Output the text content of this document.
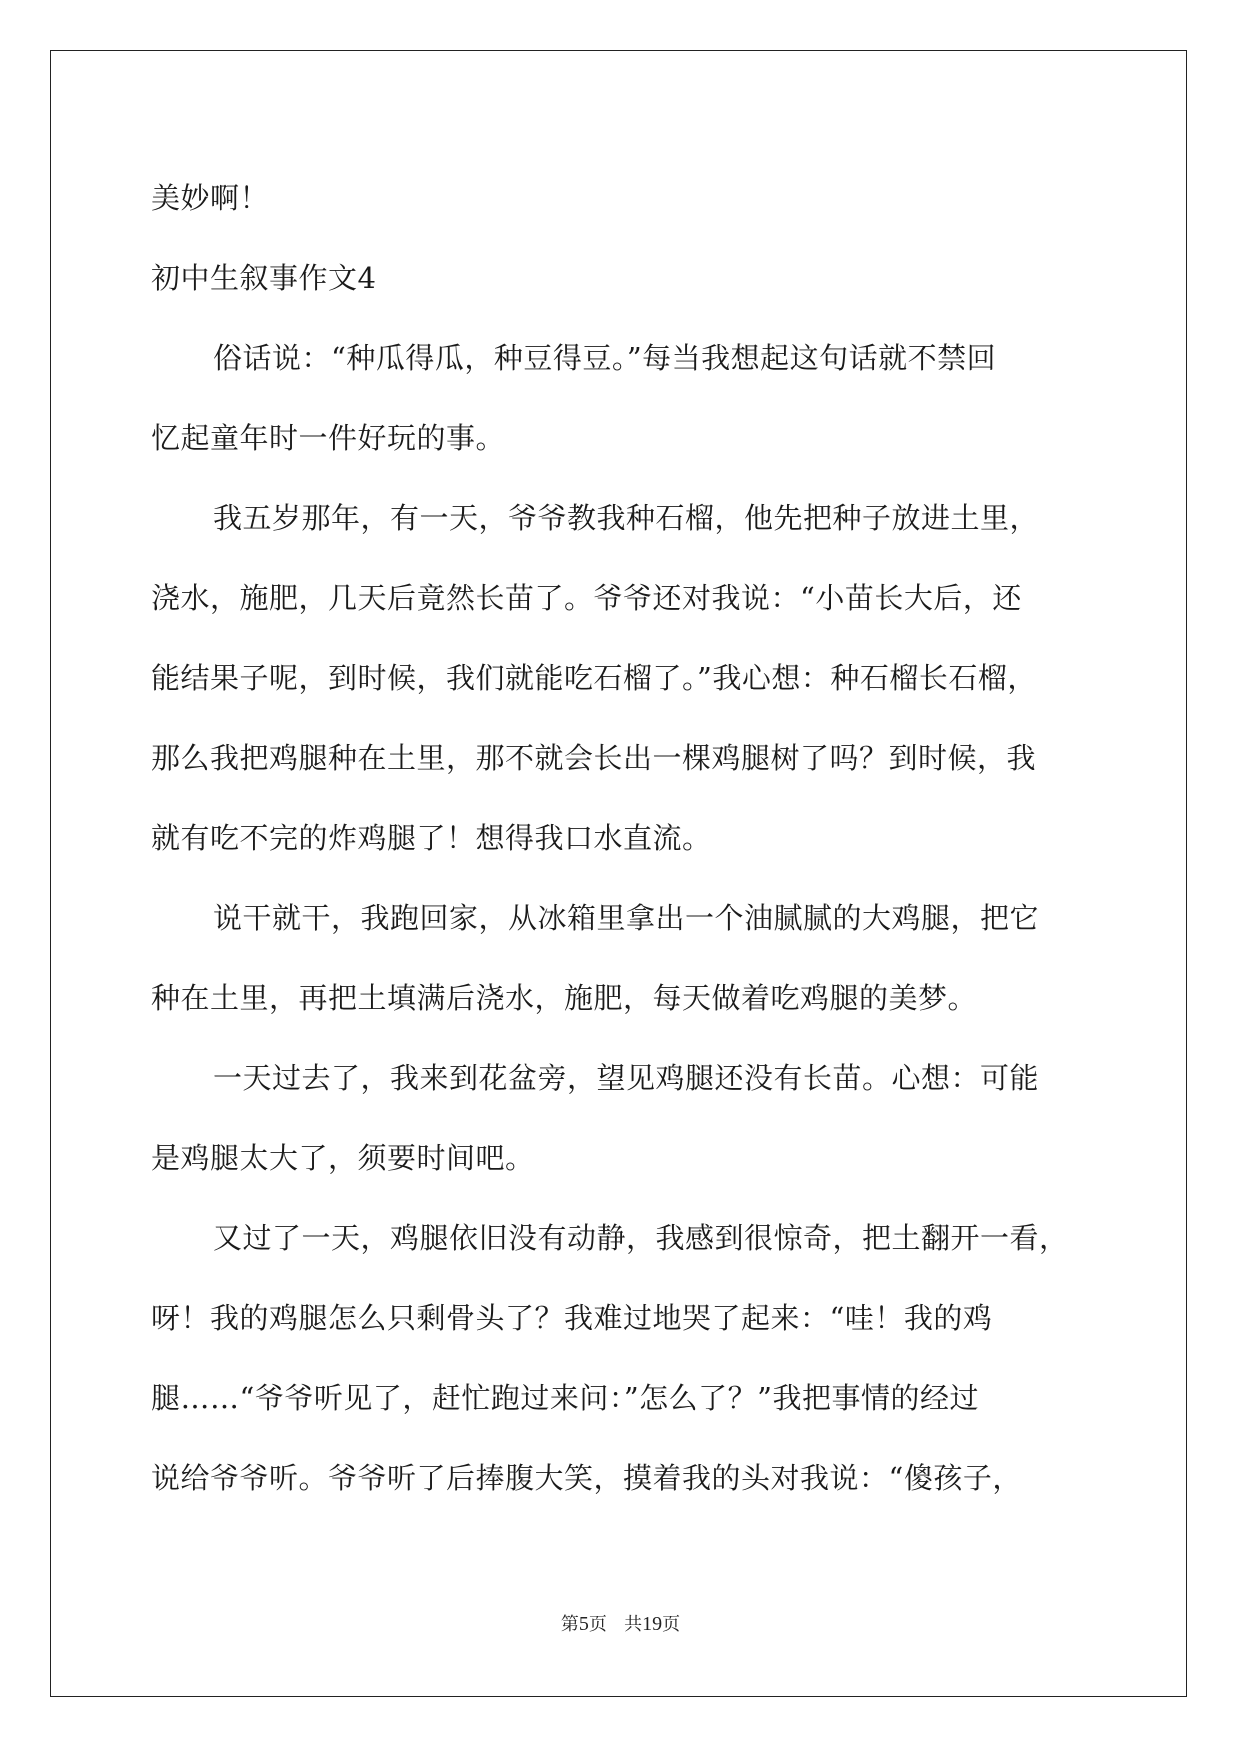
美妙啊！

初中生叙事作文4

俗话说：“种瓜得瓜，种豆得豆。”每当我想起这句话就不禁回

忆起童年时一件好玩的事。

我五岁那年，有一天，爷爷教我种石榴，他先把种子放进土里，

浇水，施肥，几天后竟然长苗了。爷爷还对我说：“小苗长大后，还

能结果子呢，到时候，我们就能吃石榴了。”我心想：种石榴长石榴，

那么我把鸡腿种在土里，那不就会长出一棵鸡腿树了吗？到时候，我

就有吃不完的炸鸡腿了！想得我口水直流。

说干就干，我跑回家，从冰箱里拿出一个油腻腻的大鸡腿，把它

种在土里，再把土填满后浇水，施肥，每天做着吃鸡腿的美梦。

一天过去了，我来到花盆旁，望见鸡腿还没有长苗。心想：可能

是鸡腿太大了，须要时间吧。

又过了一天，鸡腿依旧没有动静，我感到很惊奇，把土翻开一看，

呀！我的鸡腿怎么只剩骨头了？我难过地哭了起来：“哇！我的鸡

腿……“爷爷听见了，赶忙跑过来问：”怎么了？”我把事情的经过

说给爷爷听。爷爷听了后捧腹大笑，摸着我的头对我说：“傻孩子，

第5页 共19页
